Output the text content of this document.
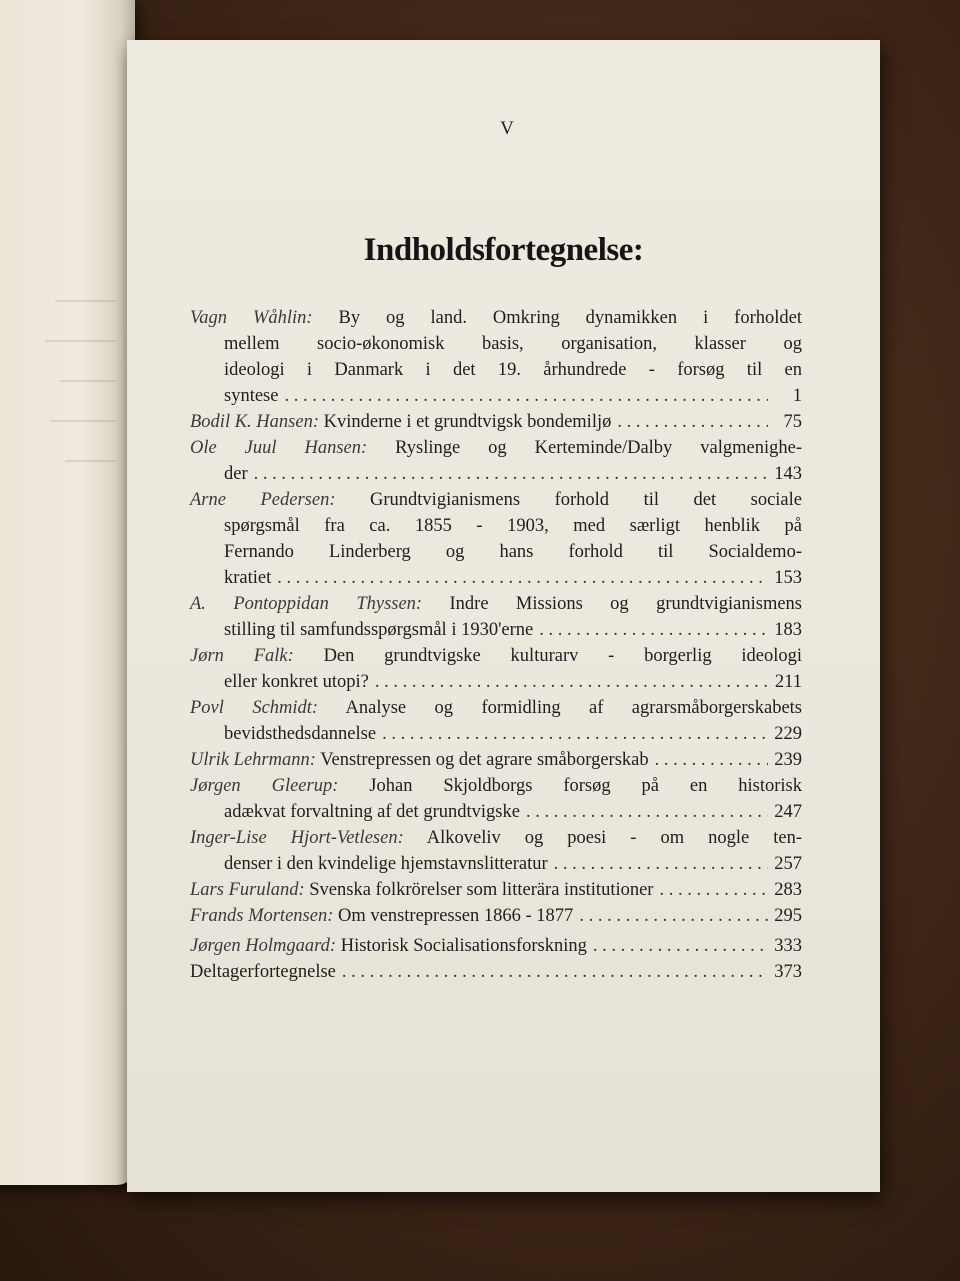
V
Indholdsfortegnelse:
Vagn Wåhlin: By og land. Omkring dynamikken i forholdet
mellem socio-økonomisk basis, organisation, klasser og
ideologi i Danmark i det 19. århundrede - forsøg til en
syntese . . .	1
Bodil K. Hansen: Kvinderne i et grundtvigsk bondemiljø . . .	75
Ole Juul Hansen: Ryslinge og Kerteminde/Dalby valgmenighe-
der . . .	143
Arne Pedersen: Grundtvigianismens forhold til det sociale
spørgsmål fra ca. 1855 - 1903, med særligt henblik på
Fernando Linderberg og hans forhold til Socialdemo-
kratiet . . .	153
A. Pontoppidan Thyssen: Indre Missions og grundtvigianismens
stilling til samfundsspørgsmål i 1930'erne . . .	183
Jørn Falk: Den grundtvigske kulturarv - borgerlig ideologi
eller konkret utopi? . . .	211
Povl Schmidt: Analyse og formidling af agrarsmåborgerskabets
bevidsthedsdannelse . . .	229
Ulrik Lehrmann: Venstrepressen og det agrare småborgerskab . . .	239
Jørgen Gleerup: Johan Skjoldborgs forsøg på en historisk
adækvat forvaltning af det grundtvigske . . .	247
Inger-Lise Hjort-Vetlesen: Alkoveliv og poesi - om nogle ten-
denser i den kvindelige hjemstavnslitteratur . . .	257
Lars Furuland: Svenska folkrörelser som litterära institutioner . . .	283
Frands Mortensen: Om venstrepressen 1866 - 1877 . . .	295
Jørgen Holmgaard: Historisk Socialisationsforskning . . .	333
Deltagerfortegnelse . . .	373
